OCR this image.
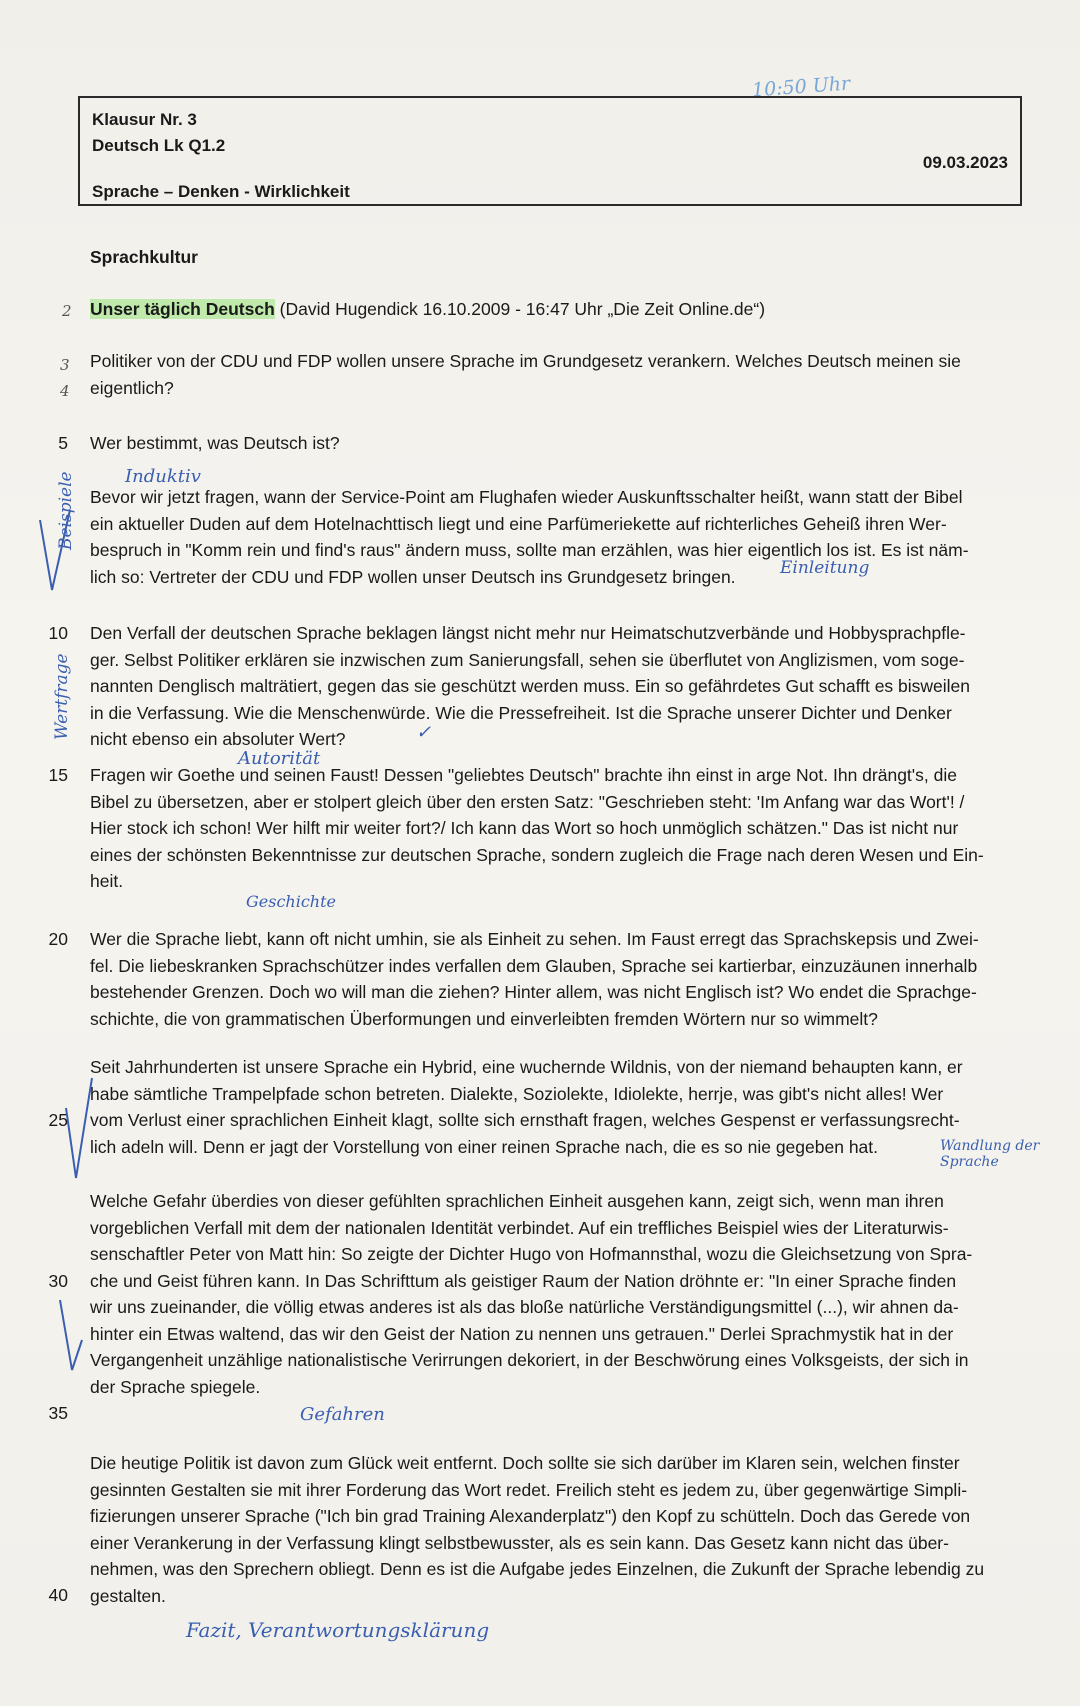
10:50 Uhr
Klausur Nr. 3
Deutsch Lk Q1.2
Sprache – Denken - Wirklichkeit
09.03.2023
Sprachkultur
2 Unser täglich Deutsch (David Hugendick 16.10.2009 - 16:47 Uhr „Die Zeit Online.de“)
3
4
Politiker von der CDU und FDP wollen unsere Sprache im Grundgesetz verankern. Welches Deutsch meinen sie
eigentlich?
5 Wer bestimmt, was Deutsch ist?
Induktiv
Bevor wir jetzt fragen, wann der Service-Point am Flughafen wieder Auskunftsschalter heißt, wann statt der Bibel
ein aktueller Duden auf dem Hotelnachttisch liegt und eine Parfümeriekette auf richterliches Geheiß ihren Wer-
bespruch in "Komm rein und find's raus" ändern muss, sollte man erzählen, was hier eigentlich los ist. Es ist näm-
lich so: Vertreter der CDU und FDP wollen unser Deutsch ins Grundgesetz bringen.
Beispiele
Einleitung
10 Den Verfall der deutschen Sprache beklagen längst nicht mehr nur Heimatschutzverbände und Hobbysprachpfle-
ger. Selbst Politiker erklären sie inzwischen zum Sanierungsfall, sehen sie überflutet von Anglizismen, vom soge-
nannten Denglisch malträtiert, gegen das sie geschützt werden muss. Ein so gefährdetes Gut schafft es bisweilen
in die Verfassung. Wie die Menschenwürde. Wie die Pressefreiheit. Ist die Sprache unserer Dichter und Denker
nicht ebenso ein absoluter Wert?
Wertfrage	✓
Autorität
15 Fragen wir Goethe und seinen Faust! Dessen "geliebtes Deutsch" brachte ihn einst in arge Not. Ihn drängt's, die
Bibel zu übersetzen, aber er stolpert gleich über den ersten Satz: "Geschrieben steht: 'Im Anfang war das Wort'! /
Hier stock ich schon! Wer hilft mir weiter fort?/ Ich kann das Wort so hoch unmöglich schätzen." Das ist nicht nur
eines der schönsten Bekenntnisse zur deutschen Sprache, sondern zugleich die Frage nach deren Wesen und Ein-
heit.
Geschichte
20 Wer die Sprache liebt, kann oft nicht umhin, sie als Einheit zu sehen. Im Faust erregt das Sprachskepsis und Zwei-
fel. Die liebeskranken Sprachschützer indes verfallen dem Glauben, Sprache sei kartierbar, einzuzäunen innerhalb
bestehender Grenzen. Doch wo will man die ziehen? Hinter allem, was nicht Englisch ist? Wo endet die Sprachge-
schichte, die von grammatischen Überformungen und einverleibten fremden Wörtern nur so wimmelt?
25
Seit Jahrhunderten ist unsere Sprache ein Hybrid, eine wuchernde Wildnis, von der niemand behaupten kann, er
habe sämtliche Trampelpfade schon betreten. Dialekte, Soziolekte, Idiolekte, herrje, was gibt's nicht alles! Wer
vom Verlust einer sprachlichen Einheit klagt, sollte sich ernsthaft fragen, welches Gespenst er verfassungsrecht-
lich adeln will. Denn er jagt der Vorstellung von einer reinen Sprache nach, die es so nie gegeben hat.	Wandlung der Sprache
30
35
Welche Gefahr überdies von dieser gefühlten sprachlichen Einheit ausgehen kann, zeigt sich, wenn man ihren
vorgeblichen Verfall mit dem der nationalen Identität verbindet. Auf ein treffliches Beispiel wies der Literaturwis-
senschaftler Peter von Matt hin: So zeigte der Dichter Hugo von Hofmannsthal, wozu die Gleichsetzung von Spra-
che und Geist führen kann. In Das Schrifttum als geistiger Raum der Nation dröhnte er: "In einer Sprache finden
wir uns zueinander, die völlig etwas anderes ist als das bloße natürliche Verständigungsmittel (...), wir ahnen da-
hinter ein Etwas waltend, das wir den Geist der Nation zu nennen uns getrauen." Derlei Sprachmystik hat in der
Vergangenheit unzählige nationalistische Verirrungen dekoriert, in der Beschwörung eines Volksgeists, der sich in
der Sprache spiegele.
Gefahren
40
Die heutige Politik ist davon zum Glück weit entfernt. Doch sollte sie sich darüber im Klaren sein, welchen finster
gesinnten Gestalten sie mit ihrer Forderung das Wort redet. Freilich steht es jedem zu, über gegenwärtige Simpli-
fizierungen unserer Sprache ("Ich bin grad Training Alexanderplatz") den Kopf zu schütteln. Doch das Gerede von
einer Verankerung in der Verfassung klingt selbstbewusster, als es sein kann. Das Gesetz kann nicht das über-
nehmen, was den Sprechern obliegt. Denn es ist die Aufgabe jedes Einzelnen, die Zukunft der Sprache lebendig zu
gestalten.
Fazit, Verantwortungsklärung
